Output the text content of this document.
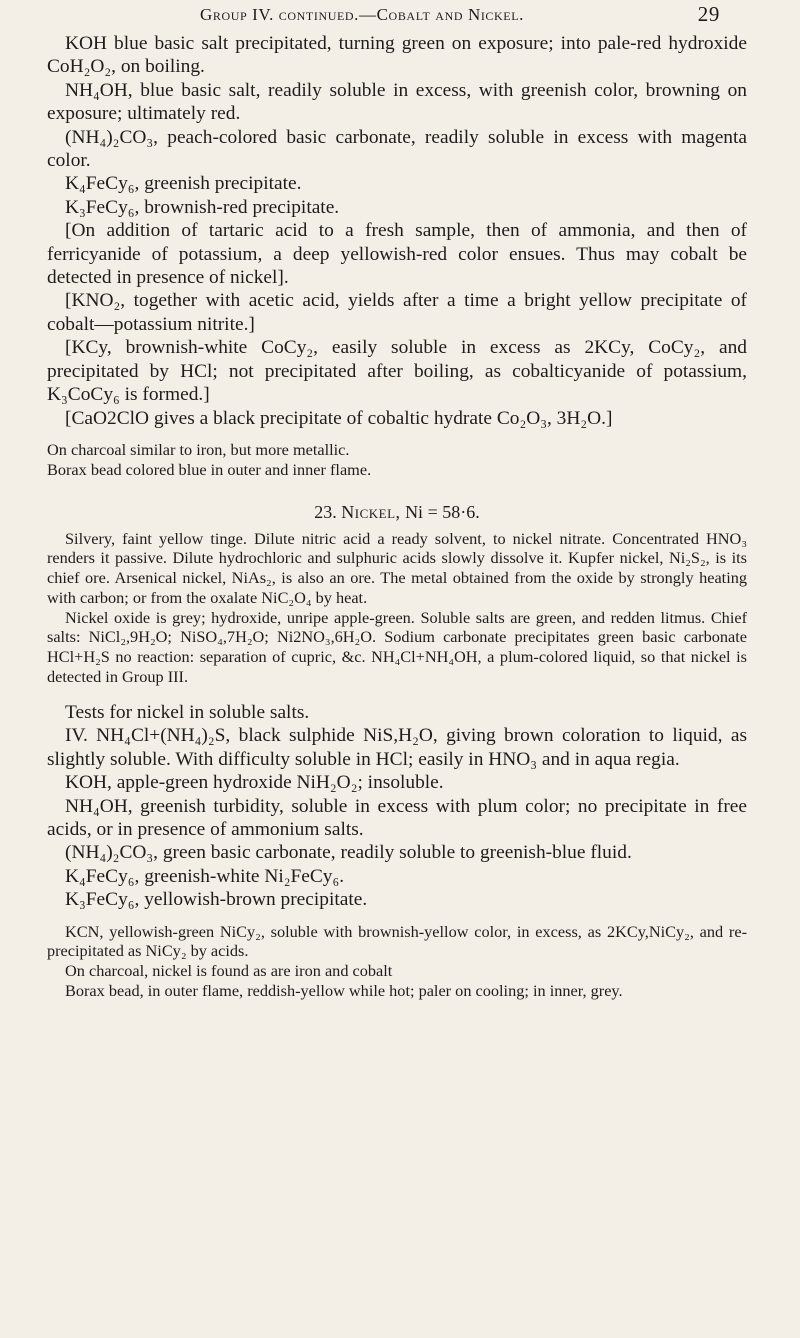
Group IV. continued.—Cobalt and Nickel.	29

KOH blue basic salt precipitated, turning green on exposure; into pale-red hydroxide CoH₂O₂, on boiling.

NH₄OH, blue basic salt, readily soluble in excess, with greenish color, browning on exposure; ultimately red.

(NH₄)₂CO₃, peach-colored basic carbonate, readily soluble in excess with magenta color.

K₄FeCy₆, greenish precipitate.

K₃FeCy₆, brownish-red precipitate.

[On addition of tartaric acid to a fresh sample, then of ammonia, and then of ferricyanide of potassium, a deep yellowish-red color ensues. Thus may cobalt be detected in presence of nickel].

[KNO₂, together with acetic acid, yields after a time a bright yellow precipitate of cobalt—potassium nitrite.]

[KCy, brownish-white CoCy₂, easily soluble in excess as 2KCy, CoCy₂, and precipitated by HCl; not precipitated after boiling, as cobalticyanide of potassium, K₃CoCy₆ is formed.]

[CaO2ClO gives a black precipitate of cobaltic hydrate Co₂O₃, 3H₂O.]

On charcoal similar to iron, but more metallic.

Borax bead colored blue in outer and inner flame.

23. Nickel, Ni = 58·6.

Silvery, faint yellow tinge. Dilute nitric acid a ready solvent, to nickel nitrate. Concentrated HNO₃ renders it passive. Dilute hydrochloric and sulphuric acids slowly dissolve it. Kupfer nickel, Ni₂S₂, is its chief ore. Arsenical nickel, NiAs₂, is also an ore. The metal obtained from the oxide by strongly heating with carbon; or from the oxalate NiC₂O₄ by heat.

Nickel oxide is grey; hydroxide, unripe apple-green. Soluble salts are green, and redden litmus. Chief salts: NiCl₂,9H₂O; NiSO₄,7H₂O; Ni2NO₃,6H₂O. Sodium carbonate precipitates green basic carbonate HCl+H₂S no reaction: separation of cupric, &c. NH₄Cl+NH₄OH, a plum-colored liquid, so that nickel is detected in Group III.

Tests for nickel in soluble salts.

IV. NH₄Cl+(NH₄)₂S, black sulphide NiS,H₂O, giving brown coloration to liquid, as slightly soluble. With difficulty soluble in HCl; easily in HNO₃ and in aqua regia.

KOH, apple-green hydroxide NiH₂O₂; insoluble.

NH₄OH, greenish turbidity, soluble in excess with plum color; no precipitate in free acids, or in presence of ammonium salts.

(NH₄)₂CO₃, green basic carbonate, readily soluble to greenish-blue fluid.

K₄FeCy₆, greenish-white Ni₂FeCy₆.

K₃FeCy₆, yellowish-brown precipitate.

KCN, yellowish-green NiCy₂, soluble with brownish-yellow color, in excess, as 2KCy,NiCy₂, and re-precipitated as NiCy₂ by acids.

On charcoal, nickel is found as are iron and cobalt

Borax bead, in outer flame, reddish-yellow while hot; paler on cooling; in inner, grey.
